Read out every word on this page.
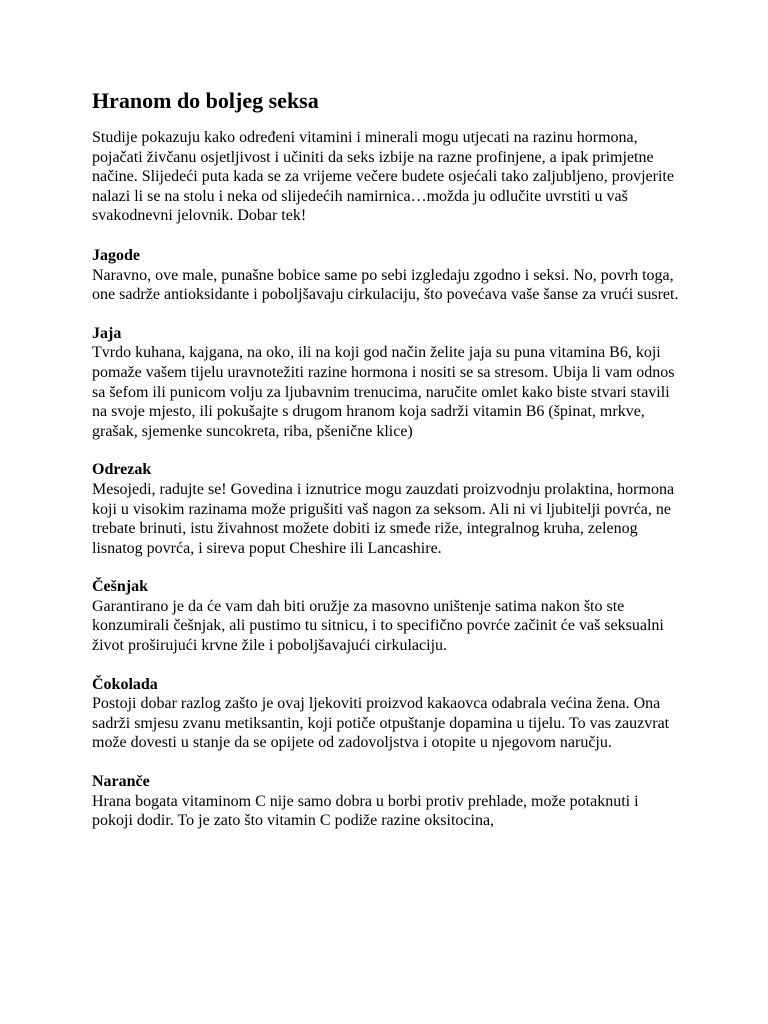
Hranom do boljeg seksa

Studije pokazuju kako određeni vitamini i minerali mogu utjecati na razinu hormona, pojačati živčanu osjetljivost i učiniti da seks izbije na razne profinjene, a ipak primjetne načine. Slijedeći puta kada se za vrijeme večere budete osjećali tako zaljubljeno, provjerite nalazi li se na stolu i neka od slijedećih namirnica…možda ju odlučite uvrstiti u vaš svakodnevni jelovnik. Dobar tek!

Jagode

Naravno, ove male, punašne bobice same po sebi izgledaju zgodno i seksi. No, povrh toga, one sadrže antioksidante i poboljšavaju cirkulaciju, što povećava vaše šanse za vrući susret.

Jaja

Tvrdo kuhana, kajgana, na oko, ili na koji god način želite jaja su puna vitamina B6, koji pomaže vašem tijelu uravnotežiti razine hormona i nositi se sa stresom. Ubija li vam odnos sa šefom ili punicom volju za ljubavnim trenucima, naručite omlet kako biste stvari stavili na svoje mjesto, ili pokušajte s drugom hranom koja sadrži vitamin B6 (špinat, mrkve, grašak, sjemenke suncokreta, riba, pšenične klice)

Odrezak

Mesojedi, radujte se! Govedina i iznutrice mogu zauzdati proizvodnju prolaktina, hormona koji u visokim razinama može prigušiti vaš nagon za seksom. Ali ni vi ljubitelji povrća, ne trebate brinuti, istu živahnost možete dobiti iz smeđe riže, integralnog kruha, zelenog lisnatog povrća, i sireva poput Cheshire ili Lancashire.

Češnjak

Garantirano je da će vam dah biti oružje za masovno uništenje satima nakon što ste konzumirali češnjak, ali pustimo tu sitnicu, i to specifično povrće začinit će vaš seksualni život proširujući krvne žile i poboljšavajući cirkulaciju.

Čokolada

Postoji dobar razlog zašto je ovaj ljekoviti proizvod kakaovca odabrala većina žena. Ona sadrži smjesu zvanu metiksantin, koji potiče otpuštanje dopamina u tijelu. To vas zauzvrat može dovesti u stanje da se opijete od zadovoljstva i otopite u njegovom naručju.

Naranče

Hrana bogata vitaminom C nije samo dobra u borbi protiv prehlade, može potaknuti i pokoji dodir. To je zato što vitamin C podiže razine oksitocina,
